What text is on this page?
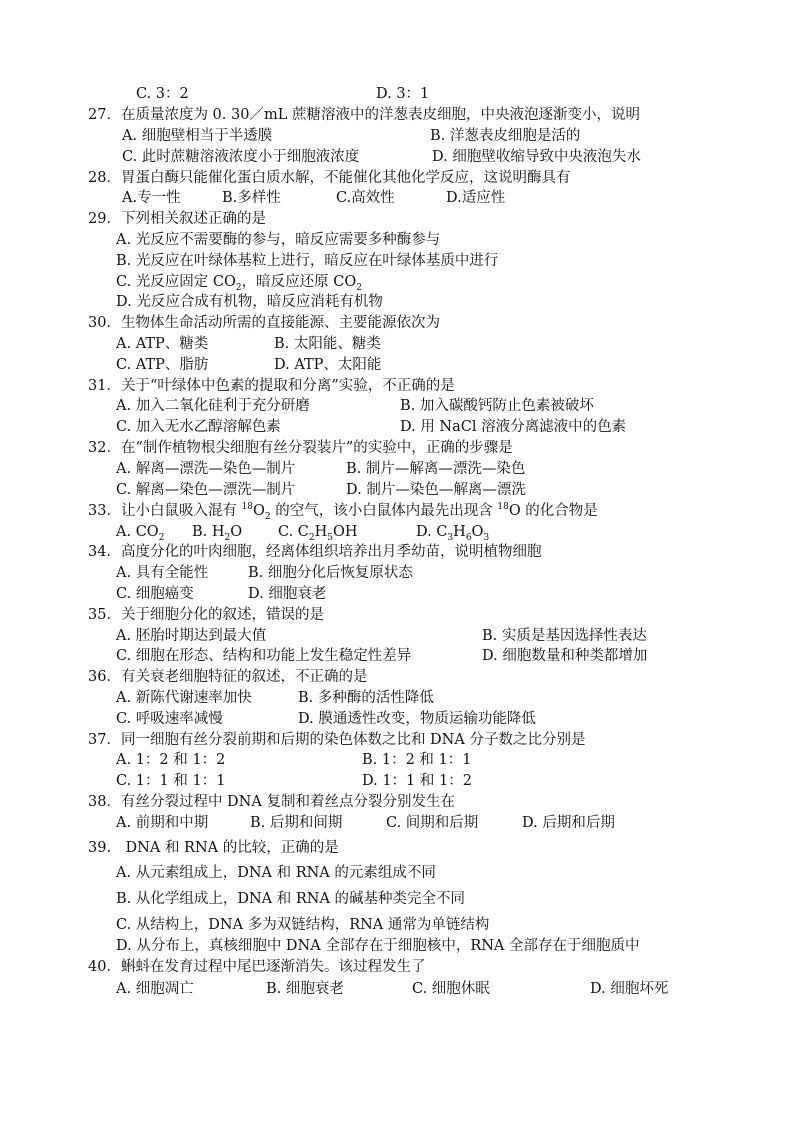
C. 3：2	D. 3：1
27．在质量浓度为 0. 30／mL 蔗糖溶液中的洋葱表皮细胞，中央液泡逐渐变小，说明
A. 细胞壁相当于半透膜	B. 洋葱表皮细胞是活的
C. 此时蔗糖溶液浓度小于细胞液浓度	D. 细胞壁收缩导致中央液泡失水
28．胃蛋白酶只能催化蛋白质水解，不能催化其他化学反应，这说明酶具有
A.专一性	B.多样性	C.高效性	D.适应性
29．下列相关叙述正确的是
A. 光反应不需要酶的参与，暗反应需要多种酶参与
B. 光反应在叶绿体基粒上进行，暗反应在叶绿体基质中进行
C. 光反应固定 $CO_2$，暗反应还原 $CO_2$
D. 光反应合成有机物，暗反应消耗有机物
30．生物体生命活动所需的直接能源、主要能源依次为
A. ATP、糖类	B. 太阳能、糖类
C. ATP、脂肪	D. ATP、太阳能
31．关于“叶绿体中色素的提取和分离”实验，不正确的是
A. 加入二氧化硅利于充分研磨	B. 加入碳酸钙防止色素被破坏
C. 加入无水乙醇溶解色素	D. 用 NaCl 溶液分离滤液中的色素
32．在“制作植物根尖细胞有丝分裂装片”的实验中，正确的步骤是
A. 解离—漂洗—染色—制片	B. 制片—解离—漂洗—染色
C. 解离—染色—漂洗—制片	D. 制片—染色—解离—漂洗
33．让小白鼠吸入混有 $^{18}O_2$ 的空气，该小白鼠体内最先出现含 $^{18}$O 的化合物是
A. $CO_2$ B. $H_2O$ C. $C_2H_5OH$	D. $C_3H_6O_3$
34．高度分化的叶肉细胞，经离体组织培养出月季幼苗，说明植物细胞
A. 具有全能性	B. 细胞分化后恢复原状态
C. 细胞癌变	D. 细胞衰老
35．关于细胞分化的叙述，错误的是
A. 胚胎时期达到最大值	B. 实质是基因选择性表达
C. 细胞在形态、结构和功能上发生稳定性差异	D. 细胞数量和种类都增加
36．有关衰老细胞特征的叙述，不正确的是
A. 新陈代谢速率加快	B. 多种酶的活性降低
C. 呼吸速率减慢	D. 膜通透性改变，物质运输功能降低
37．同一细胞有丝分裂前期和后期的染色体数之比和 DNA 分子数之比分别是
A. 1：2 和 1：2	B. 1：2 和 1：1
C. 1：1 和 1：1	D. 1：1 和 1：2
38．有丝分裂过程中 DNA 复制和着丝点分裂分别发生在
A. 前期和中期	B. 后期和间期	C. 间期和后期	D. 后期和后期
39.　DNA 和 RNA 的比较，正确的是
A. 从元素组成上，DNA 和 RNA 的元素组成不同
B. 从化学组成上，DNA 和 RNA 的碱基种类完全不同
C. 从结构上，DNA 多为双链结构，RNA 通常为单链结构
D. 从分布上，真核细胞中 DNA 全部存在于细胞核中，RNA 全部存在于细胞质中
40．蝌蚪在发育过程中尾巴逐渐消失。该过程发生了
A. 细胞凋亡	B. 细胞衰老	C. 细胞休眠	D. 细胞坏死
